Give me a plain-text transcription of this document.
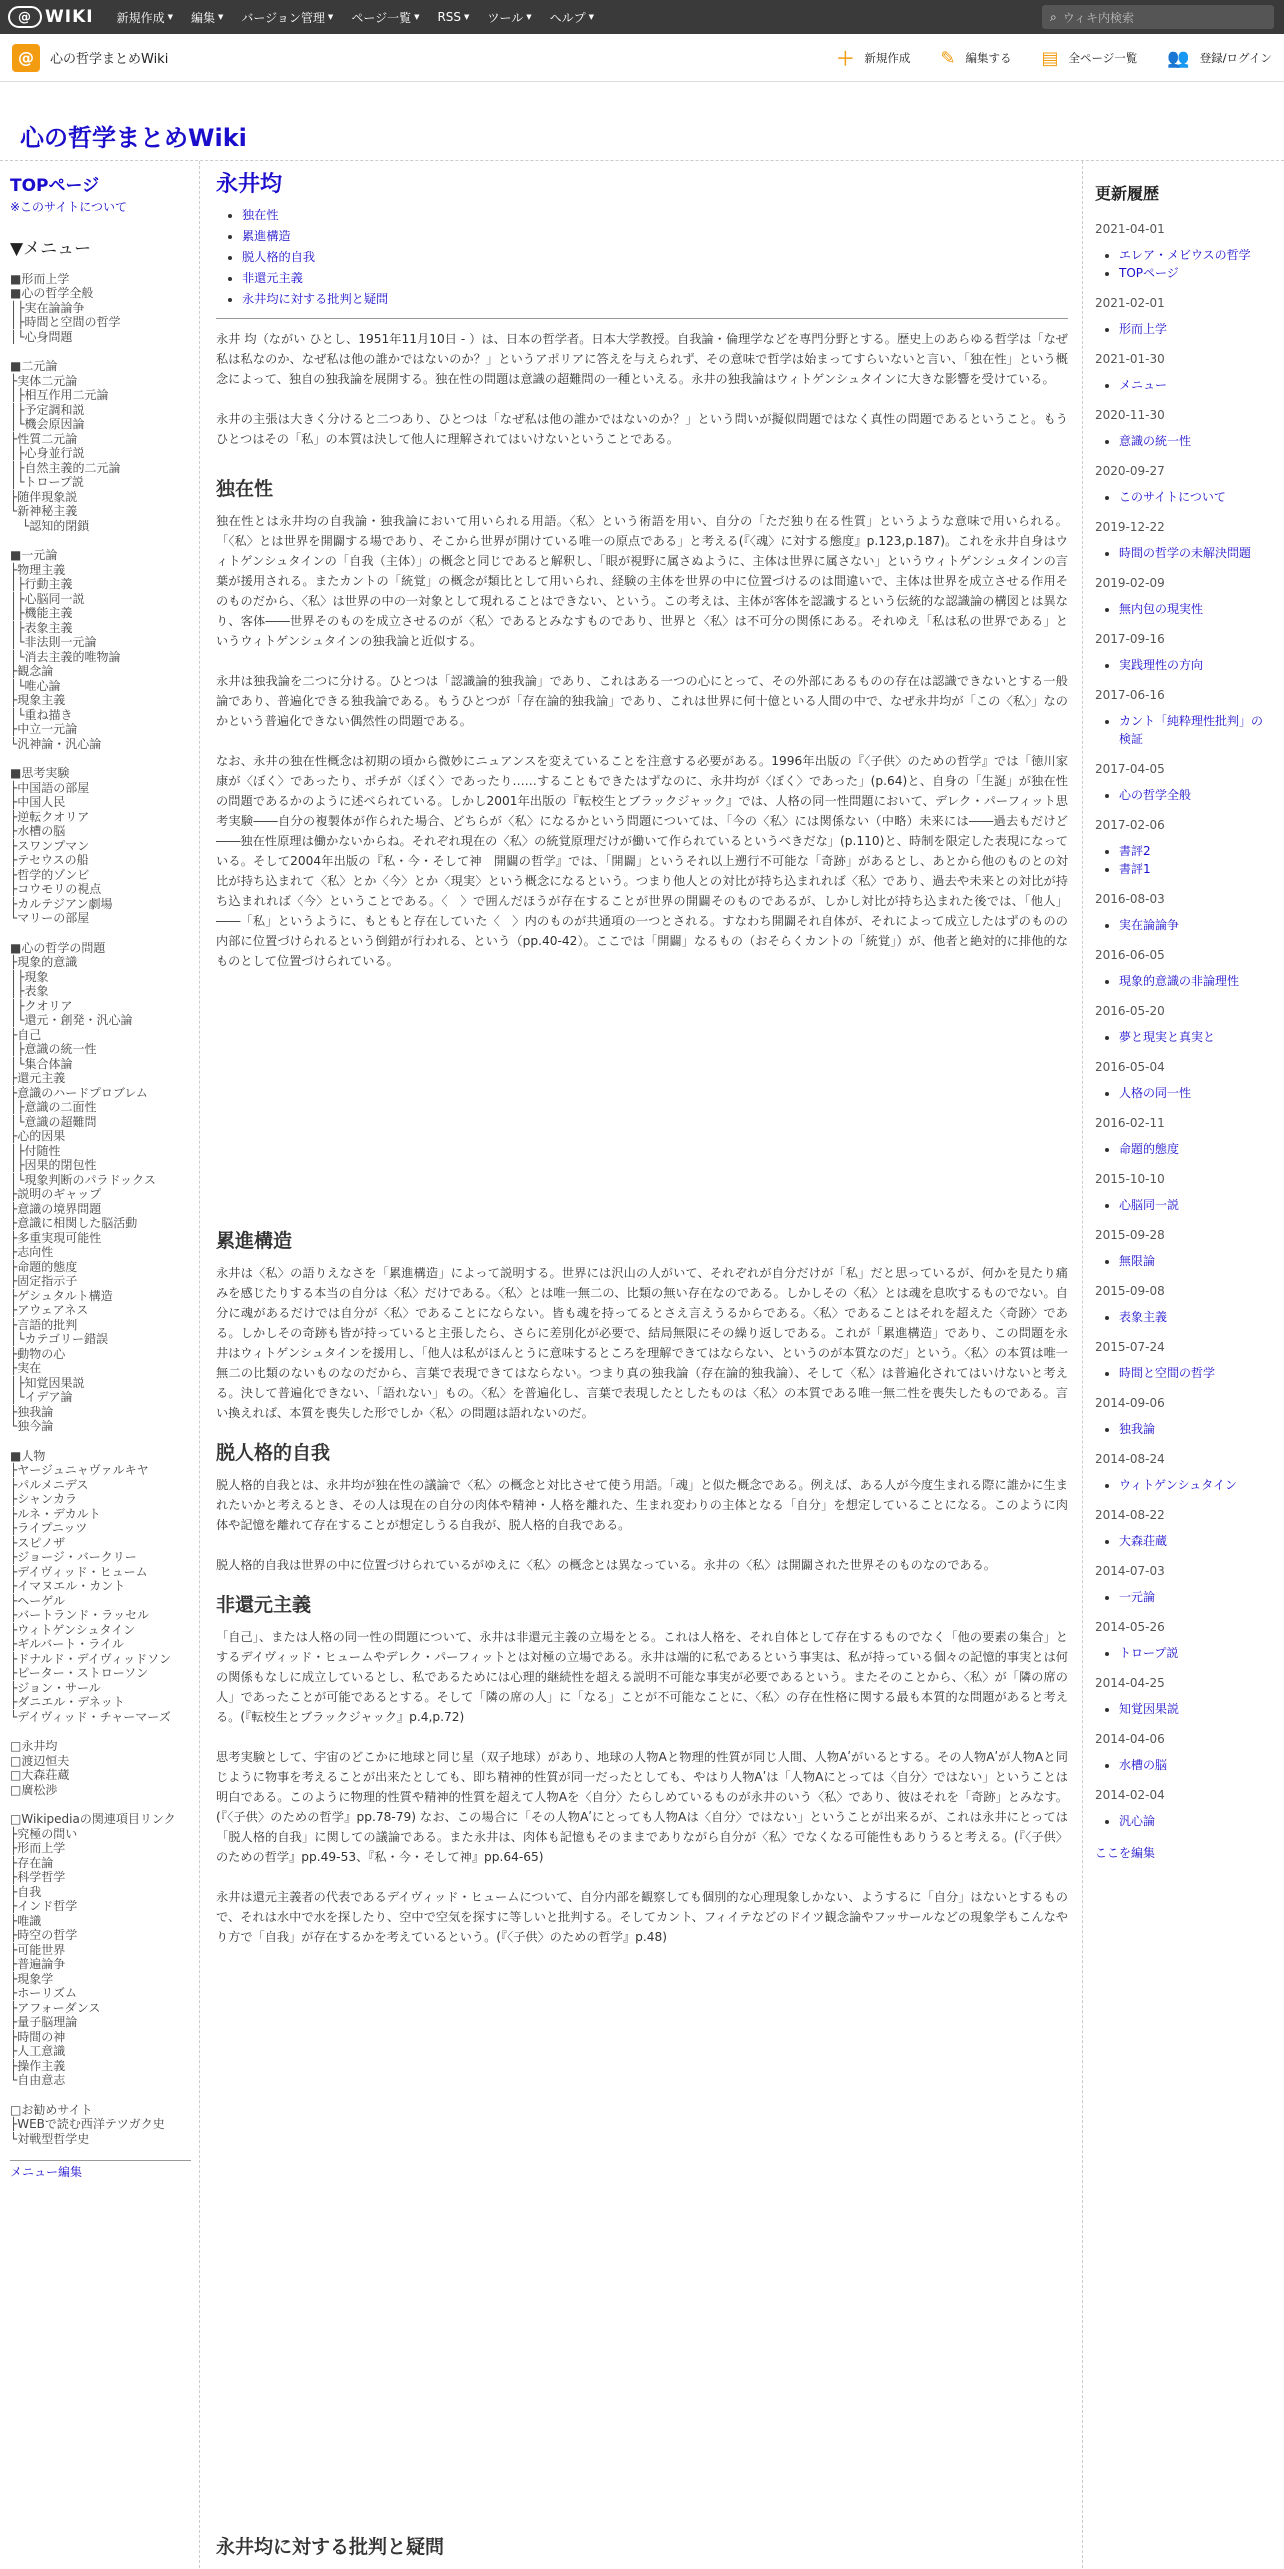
@ WIKI 新規作成 ▼ 編集 ▼ バージョン管理 ▼ ページ一覧 ▼ RSS ▼ ツール ▼ ヘルプ ▼	⌕ ウィキ内検索
@	心の哲学まとめWiki	＋ 新規作成 ✎ 編集する ▤ 全ページ一覧 👥 登録/ログイン
心の哲学まとめWiki
TOPページ
※このサイトについて
▼メニュー
■形而上学
■心の哲学全般
│├実在論論争
│├時間と空間の哲学
│└心身問題
■二元論
├実体二元論
│├相互作用二元論
│├予定調和説
│└機会原因論
├性質二元論
│├心身並行説
│├自然主義的二元論
│└トロープ説
├随伴現象説
└新神秘主義
　└認知的閉鎖
■一元論
├物理主義
│├行動主義
│├心脳同一説
│├機能主義
│├表象主義
│└非法則一元論
│└消去主義的唯物論
├観念論
│└唯心論
├現象主義
│└重ね描き
├中立一元論
└汎神論・汎心論
■思考実験
├中国語の部屋
├中国人民
├逆転クオリア
├水槽の脳
├スワンプマン
├テセウスの船
├哲学的ゾンビ
├コウモリの視点
├カルテジアン劇場
└マリーの部屋
■心の哲学の問題
├現象的意識
│├現象
│├表象
│├クオリア
│└還元・創発・汎心論
├自己
│├意識の統一性
│└集合体論
├還元主義
├意識のハードプロブレム
│├意識の二面性
│└意識の超難問
├心的因果
│├付随性
│├因果的閉包性
│└現象判断のパラドックス
├説明のギャップ
├意識の境界問題
├意識に相関した脳活動
├多重実現可能性
├志向性
├命題的態度
├固定指示子
├ゲシュタルト構造
├アウェアネス
├言語的批判
│└カテゴリー錯誤
├動物の心
├実在
│├知覚因果説
│└イデア論
├独我論
└独今論
■人物
├ヤージュニャヴァルキヤ
├パルメニデス
├シャンカラ
├ルネ・デカルト
├ライプニッツ
├スピノザ
├ジョージ・バークリー
├デイヴィッド・ヒューム
├イマヌエル・カント
├ヘーゲル
├バートランド・ラッセル
├ウィトゲンシュタイン
├ギルバート・ライル
├ドナルド・デイヴィッドソン
├ピーター・ストローソン
├ジョン・サール
├ダニエル・デネット
└デイヴィッド・チャーマーズ
□永井均
□渡辺恒夫
□大森荘蔵
□廣松渉
□Wikipediaの関連項目リンク
├究極の問い
├形而上学
├存在論
├科学哲学
├自我
├インド哲学
├唯識
├時空の哲学
├可能世界
├普遍論争
├現象学
├ホーリズム
├アフォーダンス
├量子脳理論
├時間の神
├人工意識
├操作主義
└自由意志
□お勧めサイト
├WEBで読む西洋テツガク史
└対戦型哲学史
メニュー編集
永井均
• 独在性
• 累進構造
• 脱人格的自我
• 非還元主義
• 永井均に対する批判と疑問

永井 均（ながい ひとし、1951年11月10日 - ）は、日本の哲学者。日本大学教授。自我論・倫理学などを専門分野とする。歴史上のあらゆる哲学は「なぜ私は私なのか、なぜ私は他の誰かではないのか？」というアポリアに答えを与えられず、その意味で哲学は始まってすらいないと言い、「独在性」という概念によって、独自の独我論を展開する。独在性の問題は意識の超難問の一種といえる。永井の独我論はウィトゲンシュタインに大きな影響を受けている。

永井の主張は大きく分けると二つあり、ひとつは「なぜ私は他の誰かではないのか？」という問いが擬似問題ではなく真性の問題であるということ。もうひとつはその「私」の本質は決して他人に理解されてはいけないということである。

独在性

独在性とは永井均の自我論・独我論において用いられる用語。〈私〉という術語を用い、自分の「ただ独り在る性質」というような意味で用いられる。「〈私〉とは世界を開闢する場であり、そこから世界が開けている唯一の原点である」と考える(『〈魂〉に対する態度』p.123,p.187)。これを永井自身はウィトゲンシュタインの「自我（主体）」の概念と同じであると解釈し、「眼が視野に属さぬように、主体は世界に属さない」というウィトゲンシュタインの言葉が援用される。またカントの「統覚」の概念が類比として用いられ、経験の主体を世界の中に位置づけるのは間違いで、主体は世界を成立させる作用そのものだから、〈私〉は世界の中の一対象として現れることはできない、という。この考えは、主体が客体を認識するという伝統的な認識論の構図とは異なり、客体――世界そのものを成立させるのが〈私〉であるとみなすものであり、世界と〈私〉は不可分の関係にある。それゆえ「私は私の世界である」というウィトゲンシュタインの独我論と近似する。

永井は独我論を二つに分ける。ひとつは「認識論的独我論」であり、これはある一つの心にとって、その外部にあるものの存在は認識できないとする一般論であり、普遍化できる独我論である。もうひとつが「存在論的独我論」であり、これは世界に何十億といる人間の中で、なぜ永井均が「この〈私〉」なのかという普遍化できない偶然性の問題である。

なお、永井の独在性概念は初期の頃から微妙にニュアンスを変えていることを注意する必要がある。1996年出版の『〈子供〉のための哲学』では「徳川家康が〈ぼく〉であったり、ポチが〈ぼく〉であったり……することもできたはずなのに、永井均が〈ぼく〉であった」(p.64)と、自身の「生誕」が独在性の問題であるかのように述べられている。しかし2001年出版の『転校生とブラックジャック』では、人格の同一性問題において、デレク・パーフィット思考実験――自分の複製体が作られた場合、どちらが〈私〉になるかという問題については、「今の〈私〉には関係ない（中略）未来には――過去もだけど――独在性原理は働かないからね。それぞれ現在の〈私〉の統覚原理だけが働いて作られているというべきだな」(p.110)と、時制を限定した表現になっている。そして2004年出版の『私・今・そして神　開闢の哲学』では、「開闢」というそれ以上遡行不可能な「奇跡」があるとし、あとから他のものとの対比が持ち込まれて〈私〉とか〈今〉とか〈現実〉という概念になるという。つまり他人との対比が持ち込まれれば〈私〉であり、過去や未来との対比が持ち込まれれば〈今〉ということである。〈　〉で囲んだほうが存在することが世界の開闢そのものであるが、しかし対比が持ち込まれた後では、「他人」――「私」というように、もともと存在していた〈　〉内のものが共通項の一つとされる。すなわち開闢それ自体が、それによって成立したはずのものの内部に位置づけられるという倒錯が行われる、という（pp.40-42）。ここでは「開闢」なるもの（おそらくカントの「統覚」）が、他者と絶対的に排他的なものとして位置づけられている。

累進構造

永井は〈私〉の語りえなさを「累進構造」によって説明する。世界には沢山の人がいて、それぞれが自分だけが「私」だと思っているが、何かを見たり痛みを感じたりする本当の自分は〈私〉だけである。〈私〉とは唯一無二の、比類の無い存在なのである。しかしその〈私〉とは魂を息吹するものでない。自分に魂があるだけでは自分が〈私〉であることにならない。皆も魂を持ってるとさえ言えうるからである。〈私〉であることはそれを超えた〈奇跡〉である。しかしその奇跡も皆が持っていると主張したら、さらに差別化が必要で、結局無限にその繰り返しである。これが「累進構造」であり、この問題を永井はウィトゲンシュタインを援用し、「他人は私がほんとうに意味するところを理解できてはならない、というのが本質なのだ」という。〈私〉の本質は唯一無二の比類のないものなのだから、言葉で表現できてはならない。つまり真の独我論（存在論的独我論）、そして〈私〉は普遍化されてはいけないと考える。決して普遍化できない、「語れない」もの。〈私〉を普遍化し、言葉で表現したとしたものは〈私〉の本質である唯一無二性を喪失したものである。言い換えれば、本質を喪失した形でしか〈私〉の問題は語れないのだ。

脱人格的自我

脱人格的自我とは、永井均が独在性の議論で〈私〉の概念と対比させて使う用語。「魂」と似た概念である。例えば、ある人が今度生まれる際に誰かに生まれたいかと考えるとき、その人は現在の自分の肉体や精神・人格を離れた、生まれ変わりの主体となる「自分」を想定していることになる。このように肉体や記憶を離れて存在することが想定しうる自我が、脱人格的自我である。

脱人格的自我は世界の中に位置づけられているがゆえに〈私〉の概念とは異なっている。永井の〈私〉は開闢された世界そのものなのである。

非還元主義

「自己」、または人格の同一性の問題について、永井は非還元主義の立場をとる。これは人格を、それ自体として存在するものでなく「他の要素の集合」とするデイヴィッド・ヒュームやデレク・パーフィットとは対極の立場である。永井は端的に私であるという事実は、私が持っている個々の記憶的事実とは何の関係もなしに成立しているとし、私であるためには心理的継続性を超える説明不可能な事実が必要であるという。またそのことから、〈私〉が「隣の席の人」であったことが可能であるとする。そして「隣の席の人」に「なる」ことが不可能なことに、〈私〉の存在性格に関する最も本質的な問題があると考える。(『転校生とブラックジャック』p.4,p.72)

思考実験として、宇宙のどこかに地球と同じ星（双子地球）があり、地球の人物Aと物理的性質が同じ人間、人物Aʹがいるとする。その人物Aʹが人物Aと同じように物事を考えることが出来たとしても、即ち精神的性質が同一だったとしても、やはり人物Aʹは「人物Aにとっては〈自分〉ではない」ということは明白である。このように物理的性質や精神的性質を超えて人物Aを〈自分〉たらしめているものが永井のいう〈私〉であり、彼はそれを「奇跡」とみなす。(『〈子供〉のための哲学』pp.78-79) なお、この場合に「その人物Aʹにとっても人物Aは〈自分〉ではない」ということが出来るが、これは永井にとっては「脱人格的自我」に関しての議論である。また永井は、肉体も記憶もそのままでありながら自分が〈私〉でなくなる可能性もありうると考える。(『〈子供〉のための哲学』pp.49-53、『私・今・そして神』pp.64-65)

永井は還元主義者の代表であるデイヴィッド・ヒュームについて、自分内部を観察しても個別的な心理現象しかない、ようするに「自分」はないとするもので、それは水中で水を探したり、空中で空気を探すに等しいと批判する。そしてカント、フィイテなどのドイツ観念論やフッサールなどの現象学もこんなやり方で「自我」が存在するかを考えているという。(『〈子供〉のための哲学』p.48)

永井均に対する批判と疑問
更新履歴
2021-04-01
• エレア・メビウスの哲学
• TOPページ
2021-02-01
• 形而上学
2021-01-30
• メニュー
2020-11-30
• 意識の統一性
2020-09-27
• このサイトについて
2019-12-22
• 時間の哲学の未解決問題
2019-02-09
• 無内包の現実性
2017-09-16
• 実践理性の方向
2017-06-16
• カント「純粋理性批判」の検証
2017-04-05
• 心の哲学全般
2017-02-06
• 書評2
• 書評1
2016-08-03
• 実在論論争
2016-06-05
• 現象的意識の非論理性
2016-05-20
• 夢と現実と真実と
2016-05-04
• 人格の同一性
2016-02-11
• 命題的態度
2015-10-10
• 心脳同一説
2015-09-28
• 無限論
2015-09-08
• 表象主義
2015-07-24
• 時間と空間の哲学
2014-09-06
• 独我論
2014-08-24
• ウィトゲンシュタイン
2014-08-22
• 大森荘蔵
2014-07-03
• 一元論
2014-05-26
• トロープ説
2014-04-25
• 知覚因果説
2014-04-06
• 水槽の脳
2014-02-04
• 汎心論
ここを編集
